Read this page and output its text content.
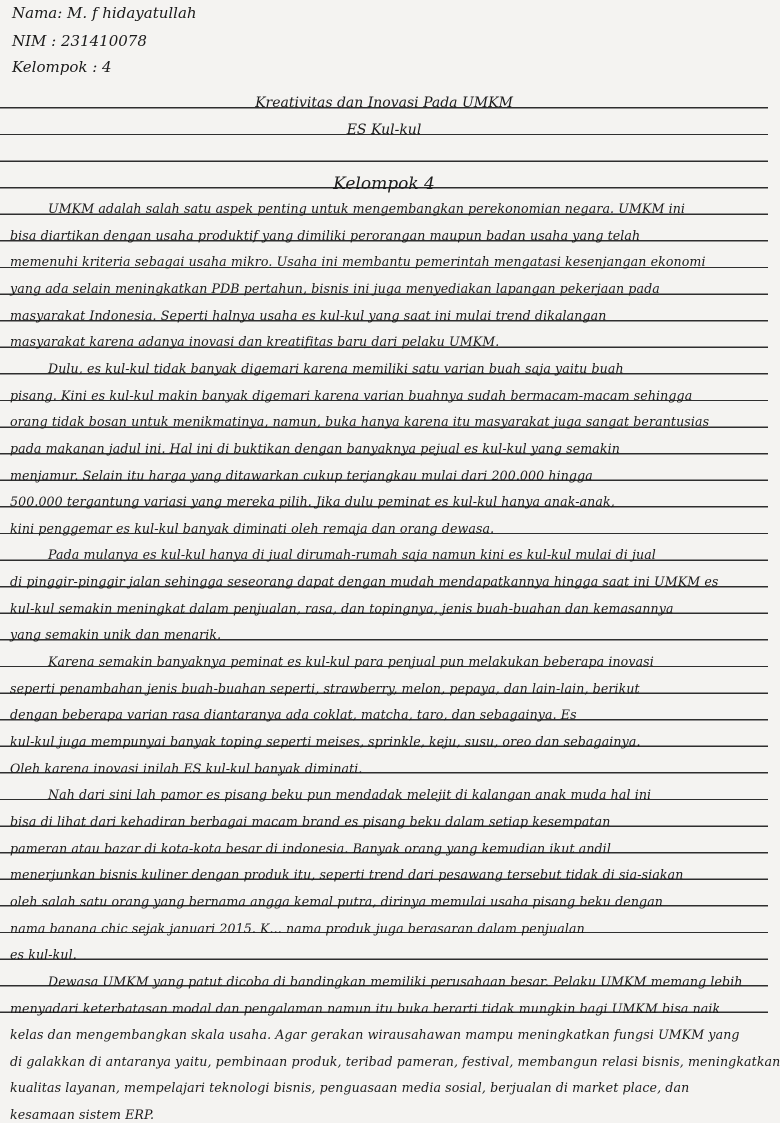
Nama: M. f hidayatullah
NIM : 231410078
Kelompok : 4
Kreativitas dan Inovasi Pada UMKM
ES Kul-kul
Kelompok 4
UMKM adalah salah satu aspek penting untuk mengembangkan perekonomian negara. UMKM ini
bisa diartikan dengan usaha produktif yang dimiliki perorangan maupun badan usaha yang telah
memenuhi kriteria sebagai usaha mikro. Usaha ini membantu pemerintah mengatasi kesenjangan ekonomi
yang ada selain meningkatkan PDB pertahun, bisnis ini juga menyediakan lapangan pekerjaan pada
masyarakat Indonesia. Seperti halnya usaha es kul-kul yang saat ini mulai trend dikalangan
masyarakat karena adanya inovasi dan kreatifitas baru dari pelaku UMKM.
Dulu, es kul-kul tidak banyak digemari karena memiliki satu varian buah saja yaitu buah
pisang. Kini es kul-kul makin banyak digemari karena varian buahnya sudah bermacam-macam sehingga
orang tidak bosan untuk menikmatinya, namun, buka hanya karena itu masyarakat juga sangat berantusias
pada makanan jadul ini. Hal ini di buktikan dengan banyaknya pejual es kul-kul yang semakin
menjamur. Selain itu harga yang ditawarkan cukup terjangkau mulai dari 200.000 hingga
500.000 tergantung variasi yang mereka pilih. Jika dulu peminat es kul-kul hanya anak-anak,
kini penggemar es kul-kul banyak diminati oleh remaja dan orang dewasa.
Pada mulanya es kul-kul hanya di jual dirumah-rumah saja namun kini es kul-kul mulai di jual
di pinggir-pinggir jalan sehingga seseorang dapat dengan mudah mendapatkannya hingga saat ini UMKM es
kul-kul semakin meningkat dalam penjualan, rasa, dan topingnya, jenis buah-buahan dan kemasannya
yang semakin unik dan menarik.
Karena semakin banyaknya peminat es kul-kul para penjual pun melakukan beberapa inovasi
seperti penambahan jenis buah-buahan seperti, strawberry, melon, pepaya, dan lain-lain, berikut
dengan beberapa varian rasa diantaranya ada coklat, matcha, taro, dan sebagainya. Es
kul-kul juga mempunyai banyak toping seperti meises, sprinkle, keju, susu, oreo dan sebagainya.
Oleh karena inovasi inilah ES kul-kul banyak diminati.
Nah dari sini lah pamor es pisang beku pun mendadak melejit di kalangan anak muda hal ini
bisa di lihat dari kehadiran berbagai macam brand es pisang beku dalam setiap kesempatan
pameran atau bazar di kota-kota besar di indonesia. Banyak orang yang kemudian ikut andil
menerjunkan bisnis kuliner dengan produk itu, seperti trend dari pesawang tersebut tidak di sia-siakan
oleh salah satu orang yang bernama angga kemal putra, dirinya memulai usaha pisang beku dengan
nama banana chic sejak januari 2015. K... nama produk juga berasaran dalam penjualan
es kul-kul.
Dewasa UMKM yang patut dicoba di bandingkan memiliki perusahaan besar. Pelaku UMKM memang lebih
menyadari keterbatasan modal dan pengalaman namun itu buka berarti tidak mungkin bagi UMKM bisa naik
kelas dan mengembangkan skala usaha. Agar gerakan wirausahawan mampu meningkatkan fungsi UMKM yang
di galakkan di antaranya yaitu, pembinaan produk, teribad pameran, festival, membangun relasi bisnis, meningkatkan
kualitas layanan, mempelajari teknologi bisnis, penguasaan media sosial, berjualan di market place, dan
kesamaan sistem ERP.
